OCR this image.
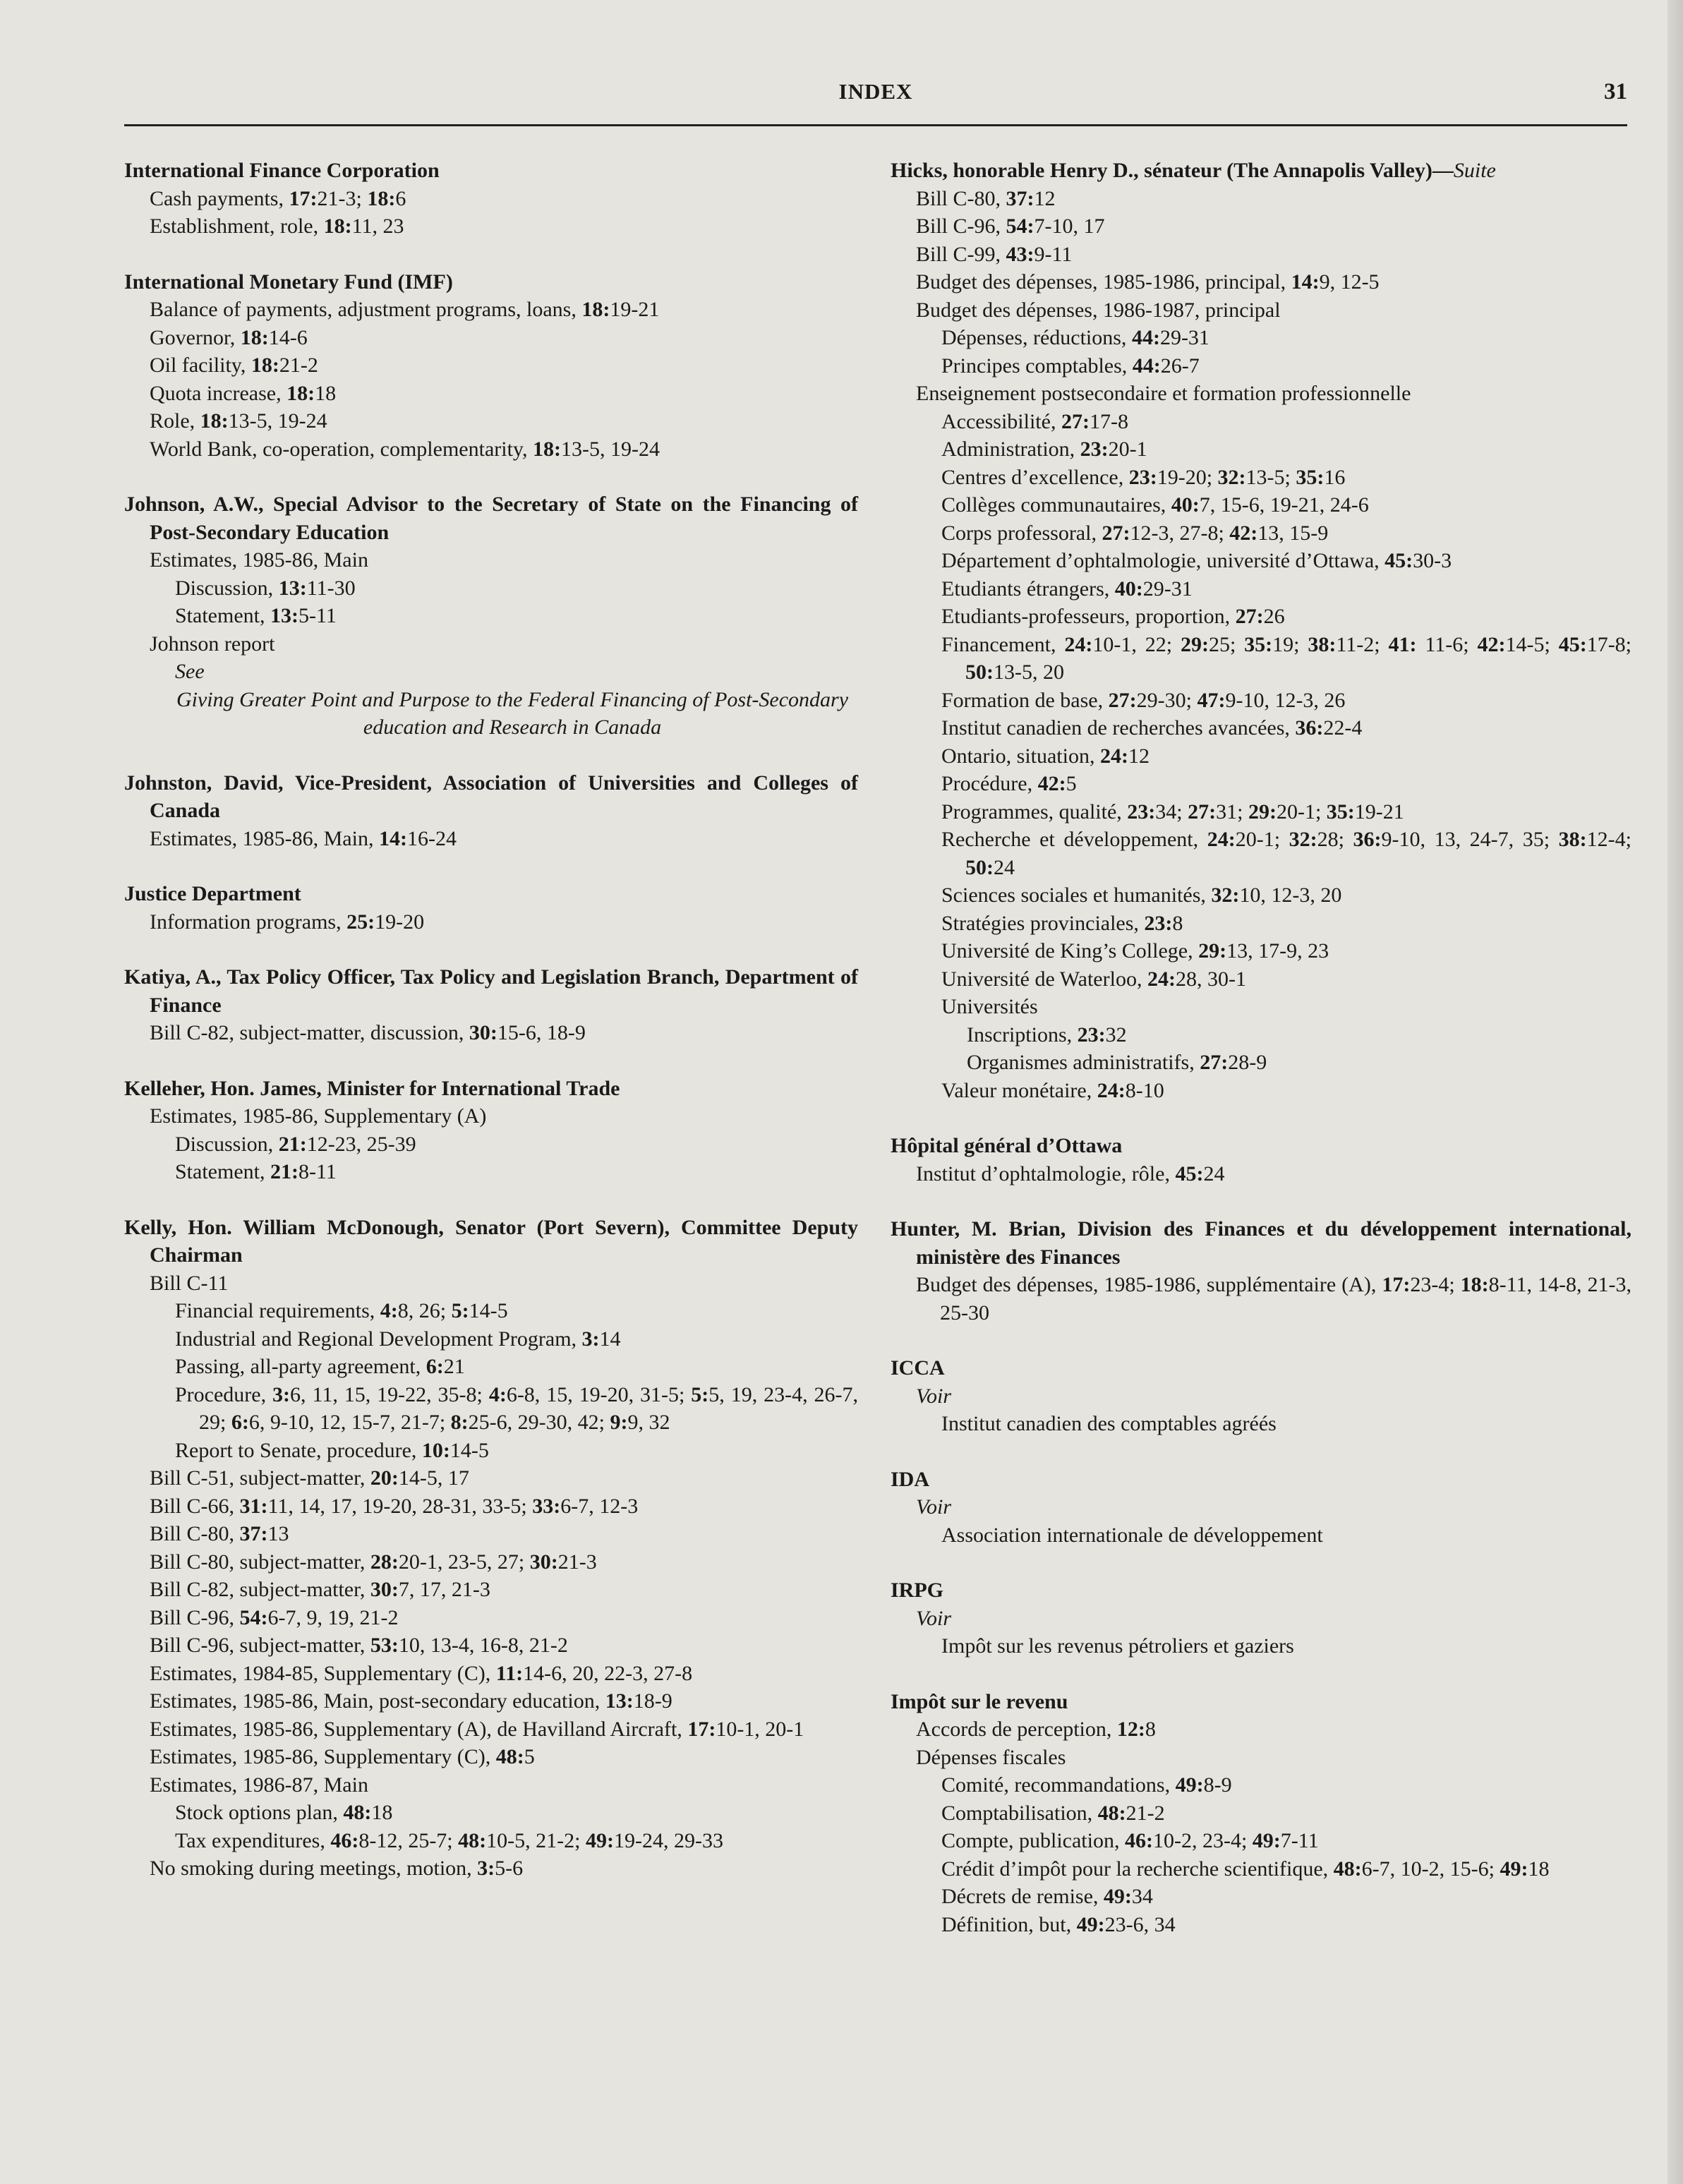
INDEX	31
International Finance Corporation
Cash payments, 17:21-3; 18:6
Establishment, role, 18:11, 23
International Monetary Fund (IMF)
Balance of payments, adjustment programs, loans, 18:19-21
Governor, 18:14-6
Oil facility, 18:21-2
Quota increase, 18:18
Role, 18:13-5, 19-24
World Bank, co-operation, complementarity, 18:13-5, 19-24
Johnson, A.W., Special Advisor to the Secretary of State on the Financing of Post-Secondary Education
Estimates, 1985-86, Main
Discussion, 13:11-30
Statement, 13:5-11
Johnson report
See
Giving Greater Point and Purpose to the Federal Financing of Post-Secondary education and Research in Canada
Johnston, David, Vice-President, Association of Universities and Colleges of Canada
Estimates, 1985-86, Main, 14:16-24
Justice Department
Information programs, 25:19-20
Katiya, A., Tax Policy Officer, Tax Policy and Legislation Branch, Department of Finance
Bill C-82, subject-matter, discussion, 30:15-6, 18-9
Kelleher, Hon. James, Minister for International Trade
Estimates, 1985-86, Supplementary (A)
Discussion, 21:12-23, 25-39
Statement, 21:8-11
Kelly, Hon. William McDonough, Senator (Port Severn), Committee Deputy Chairman
Bill C-11
Financial requirements, 4:8, 26; 5:14-5
Industrial and Regional Development Program, 3:14
Passing, all-party agreement, 6:21
Procedure, 3:6, 11, 15, 19-22, 35-8; 4:6-8, 15, 19-20, 31-5; 5:5, 19, 23-4, 26-7, 29; 6:6, 9-10, 12, 15-7, 21-7; 8:25-6, 29-30, 42; 9:9, 32
Report to Senate, procedure, 10:14-5
Bill C-51, subject-matter, 20:14-5, 17
Bill C-66, 31:11, 14, 17, 19-20, 28-31, 33-5; 33:6-7, 12-3
Bill C-80, 37:13
Bill C-80, subject-matter, 28:20-1, 23-5, 27; 30:21-3
Bill C-82, subject-matter, 30:7, 17, 21-3
Bill C-96, 54:6-7, 9, 19, 21-2
Bill C-96, subject-matter, 53:10, 13-4, 16-8, 21-2
Estimates, 1984-85, Supplementary (C), 11:14-6, 20, 22-3, 27-8
Estimates, 1985-86, Main, post-secondary education, 13:18-9
Estimates, 1985-86, Supplementary (A), de Havilland Aircraft, 17:10-1, 20-1
Estimates, 1985-86, Supplementary (C), 48:5
Estimates, 1986-87, Main
Stock options plan, 48:18
Tax expenditures, 46:8-12, 25-7; 48:10-5, 21-2; 49:19-24, 29-33
No smoking during meetings, motion, 3:5-6
Hicks, honorable Henry D., sénateur (The Annapolis Valley)—Suite
Bill C-80, 37:12
Bill C-96, 54:7-10, 17
Bill C-99, 43:9-11
Budget des dépenses, 1985-1986, principal, 14:9, 12-5
Budget des dépenses, 1986-1987, principal
Dépenses, réductions, 44:29-31
Principes comptables, 44:26-7
Enseignement postsecondaire et formation professionnelle
Accessibilité, 27:17-8
Administration, 23:20-1
Centres d’excellence, 23:19-20; 32:13-5; 35:16
Collèges communautaires, 40:7, 15-6, 19-21, 24-6
Corps professoral, 27:12-3, 27-8; 42:13, 15-9
Département d’ophtalmologie, université d’Ottawa, 45:30-3
Etudiants étrangers, 40:29-31
Etudiants-professeurs, proportion, 27:26
Financement, 24:10-1, 22; 29:25; 35:19; 38:11-2; 41: 11-6; 42:14-5; 45:17-8; 50:13-5, 20
Formation de base, 27:29-30; 47:9-10, 12-3, 26
Institut canadien de recherches avancées, 36:22-4
Ontario, situation, 24:12
Procédure, 42:5
Programmes, qualité, 23:34; 27:31; 29:20-1; 35:19-21
Recherche et développement, 24:20-1; 32:28; 36:9-10, 13, 24-7, 35; 38:12-4; 50:24
Sciences sociales et humanités, 32:10, 12-3, 20
Stratégies provinciales, 23:8
Université de King’s College, 29:13, 17-9, 23
Université de Waterloo, 24:28, 30-1
Universités
Inscriptions, 23:32
Organismes administratifs, 27:28-9
Valeur monétaire, 24:8-10
Hôpital général d’Ottawa
Institut d’ophtalmologie, rôle, 45:24
Hunter, M. Brian, Division des Finances et du développement international, ministère des Finances
Budget des dépenses, 1985-1986, supplémentaire (A), 17:23-4; 18:8-11, 14-8, 21-3, 25-30
ICCA
Voir
Institut canadien des comptables agréés
IDA
Voir
Association internationale de développement
IRPG
Voir
Impôt sur les revenus pétroliers et gaziers
Impôt sur le revenu
Accords de perception, 12:8
Dépenses fiscales
Comité, recommandations, 49:8-9
Comptabilisation, 48:21-2
Compte, publication, 46:10-2, 23-4; 49:7-11
Crédit d’impôt pour la recherche scientifique, 48:6-7, 10-2, 15-6; 49:18
Décrets de remise, 49:34
Définition, but, 49:23-6, 34
